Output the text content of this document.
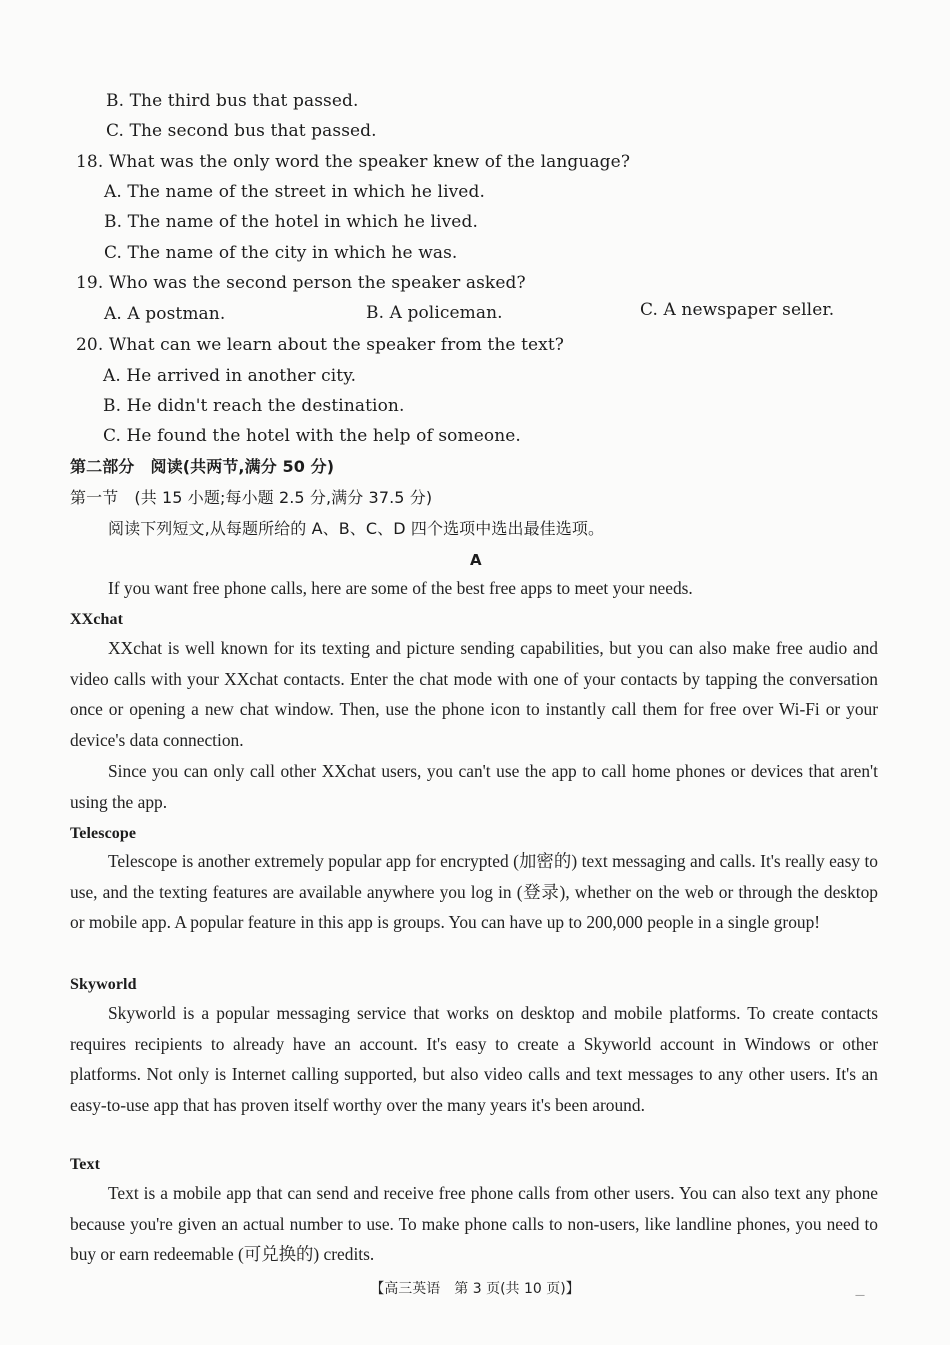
B. The third bus that passed.
C. The second bus that passed.
18. What was the only word the speaker knew of the language?
A. The name of the street in which he lived.
B. The name of the hotel in which he lived.
C. The name of the city in which he was.
19. Who was the second person the speaker asked?
A. A postman.	B. A policeman.	C. A newspaper seller.
20. What can we learn about the speaker from the text?
A. He arrived in another city.
B. He didn't reach the destination.
C. He found the hotel with the help of someone.
第二部分　阅读(共两节,满分 50 分)
第一节　(共 15 小题;每小题 2.5 分,满分 37.5 分)
阅读下列短文,从每题所给的 A、B、C、D 四个选项中选出最佳选项。
A
If you want free phone calls, here are some of the best free apps to meet your needs.
XXchat
XXchat is well known for its texting and picture sending capabilities, but you can also make free audio and video calls with your XXchat contacts. Enter the chat mode with one of your contacts by tapping the conversation once or opening a new chat window. Then, use the phone icon to instantly call them for free over Wi-Fi or your device's data connection.
Since you can only call other XXchat users, you can't use the app to call home phones or devices that aren't using the app.
Telescope
Telescope is another extremely popular app for encrypted (加密的) text messaging and calls. It's really easy to use, and the texting features are available anywhere you log in (登录), whether on the web or through the desktop or mobile app. A popular feature in this app is groups. You can have up to 200,000 people in a single group!
Skyworld
Skyworld is a popular messaging service that works on desktop and mobile platforms. To create contacts requires recipients to already have an account. It's easy to create a Skyworld account in Windows or other platforms. Not only is Internet calling supported, but also video calls and text messages to any other users. It's an easy-to-use app that has proven itself worthy over the many years it's been around.
Text
Text is a mobile app that can send and receive free phone calls from other users. You can also text any phone because you're given an actual number to use. To make phone calls to non-users, like landline phones, you need to buy or earn redeemable (可兑换的) credits.
【高三英语　第 3 页(共 10 页)】	—
